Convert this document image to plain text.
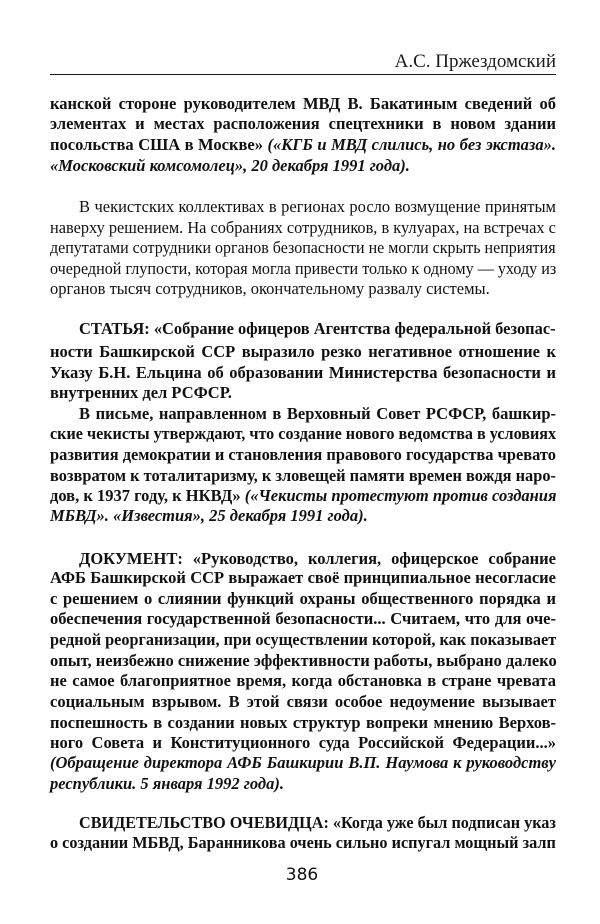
А.С. Пржездомский
канской стороне руководителем МВД В. Бакатиным сведений об
элементах и местах расположения спецтехники в новом здании
посольства США в Москве» («КГБ и МВД слились, но без экстаза».
«Московский комсомолец», 20 декабря 1991 года).
В чекистских коллективах в регионах росло возмущение принятым
наверху решением. На собраниях сотрудников, в кулуарах, на встречах с
депутатами сотрудники органов безопасности не могли скрыть неприятия
очередной глупости, которая могла привести только к одному — уходу из
органов тысяч сотрудников, окончательному развалу системы.
СТАТЬЯ: «Собрание офицеров Агентства федеральной безопас-
ности Башкирской ССР выразило резко негативное отношение к
Указу Б.Н. Ельцина об образовании Министерства безопасности и
внутренних дел РСФСР.
В письме, направленном в Верховный Совет РСФСР, башкир-
ские чекисты утверждают, что создание нового ведомства в условиях
развития демократии и становления правового государства чревато
возвратом к тоталитаризму, к зловещей памяти времен вождя наро-
дов, к 1937 году, к НКВД» («Чекисты протестуют против создания
МБВД». «Известия», 25 декабря 1991 года).
ДОКУМЕНТ: «Руководство, коллегия, офицерское собрание
АФБ Башкирской ССР выражает своё принципиальное несогласие
с решением о слиянии функций охраны общественного порядка и
обеспечения государственной безопасности... Считаем, что для оче-
редной реорганизации, при осуществлении которой, как показывает
опыт, неизбежно снижение эффективности работы, выбрано далеко
не самое благоприятное время, когда обстановка в стране чревата
социальным взрывом. В этой связи особое недоумение вызывает
поспешность в создании новых структур вопреки мнению Верхов-
ного Совета и Конституционного суда Российской Федерации...»
(Обращение директора АФБ Башкирии В.П. Наумова к руководству
республики. 5 января 1992 года).
СВИДЕТЕЛЬСТВО ОЧЕВИДЦА: «Когда уже был подписан указ
о создании МБВД, Баранникова очень сильно испугал мощный залп
386
